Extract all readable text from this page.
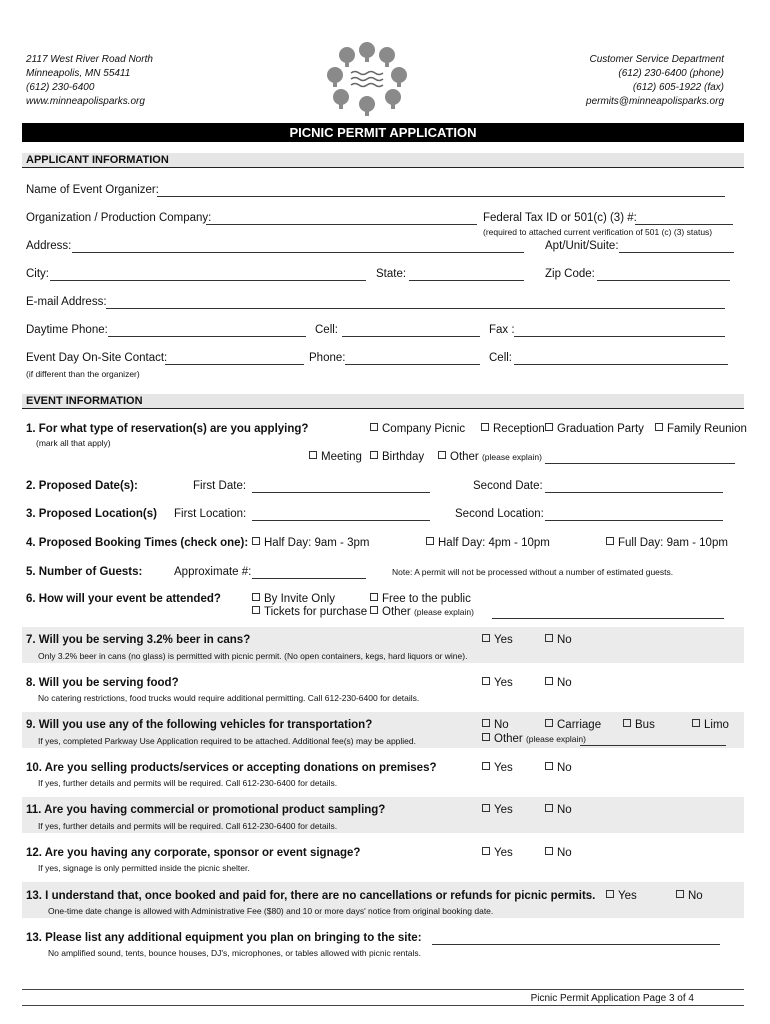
2117 West River Road North
Minneapolis, MN 55411
(612) 230-6400
www.minneapolisparks.org
Customer Service Department
(612) 230-6400 (phone)
(612) 605-1922 (fax)
permits@minneapolisparks.org
PICNIC PERMIT APPLICATION
APPLICANT INFORMATION
Name of Event Organizer:
Organization / Production Company:	Federal Tax ID or 501(c) (3) #:
(required to attached current verification of 501 (c) (3) status)
Address:	Apt/Unit/Suite:
City:	State:	Zip Code:
E-mail Address:
Daytime Phone:	Cell:	Fax :
Event Day On-Site Contact:	Phone:	Cell:
(if different than the organizer)
EVENT INFORMATION
1. For what type of reservation(s) are you applying?
(mark all that apply)
Company Picnic	Reception	Graduation Party	Family Reunion
Meeting	Birthday	Other (please explain)
2. Proposed Date(s):	First Date:	Second Date:
3. Proposed Location(s) First Location:	Second Location:
4. Proposed Booking Times (check one):	Half Day: 9am - 3pm	Half Day: 4pm - 10pm	Full Day: 9am - 10pm
5. Number of Guests:	Approximate #:	Note: A permit will not be processed without a number of estimated guests.
6. How will your event be attended?	By Invite Only	Free to the public
Tickets for purchase	Other (please explain)
7. Will you be serving 3.2% beer in cans?
Only 3.2% beer in cans (no glass) is permitted with picnic permit. (No open containers, kegs, hard liquors or wine).
Yes	No
8. Will you be serving food?
No catering restrictions, food trucks would require additional permitting. Call 612-230-6400 for details.
Yes	No
9. Will you use any of the following vehicles for transportation?
If yes, completed Parkway Use Application required to be attached. Additional fee(s) may be applied.
No	Carriage	Bus	Limo
Other (please explain)
10. Are you selling products/services or accepting donations on premises?
If yes, further details and permits will be required. Call 612-230-6400 for details.
Yes	No
11. Are you having commercial or promotional product sampling?
If yes, further details and permits will be required. Call 612-230-6400 for details.
Yes	No
12. Are you having any corporate, sponsor or event signage?
If yes, signage is only permitted inside the picnic shelter.
Yes	No
13. I understand that, once booked and paid for, there are no cancellations or refunds for picnic permits.
One-time date change is allowed with Administrative Fee ($80) and 10 or more days' notice from original booking date.
Yes	No
13. Please list any additional equipment you plan on bringing to the site:
No amplified sound, tents, bounce houses, DJ's, microphones, or tables allowed with picnic rentals.
Picnic Permit Application Page 3 of 4
